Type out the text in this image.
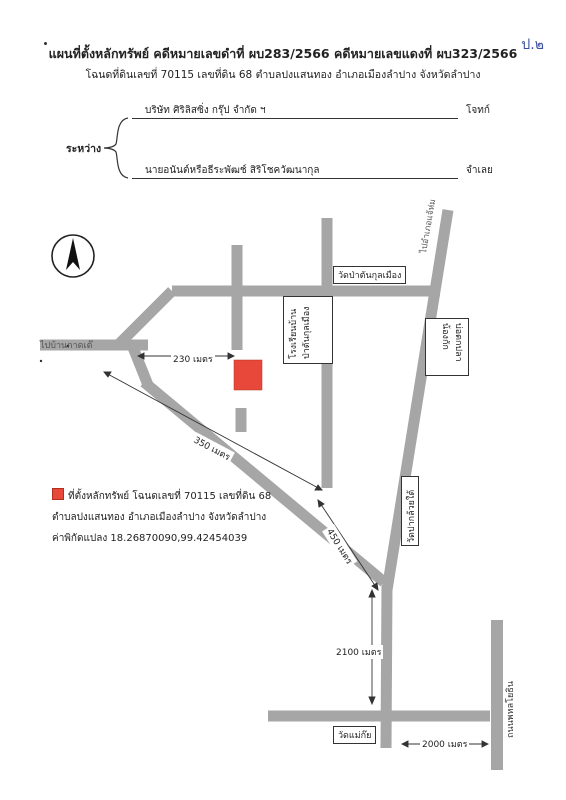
ป.๒
แผนที่ตั้งหลักทรัพย์ คดีหมายเลขดำที่ ผบ283/2566 คดีหมายเลขแดงที่ ผบ323/2566
โฉนดที่ดินเลขที่ 70115 เลขที่ดิน 68 ตำบลปงแสนทอง อำเภอเมืองลำปาง จังหวัดลำปาง
บริษัท ศิริลิสซิ่ง กรุ๊ป จำกัด ฯ	โจทก์
ระหว่าง
นายอนันต์หรือธีระพัฒช์ สิริโชควัฒนากุล	จำเลย
ไปบ้านกาดเต๊
ไปอำเภอแจ้ห่ม
วัดป่าตันกุลเมือง
โรงเรียนบ้าน
ป่าตันกุลเมือง	บ่อตกปลา
น้องกัก
วัดปากล้วยใต้
วัดแม่ก๊ย	ถนนพหลโยธิน
230 เมตร
350 เมตร
450 เมตร
2100 เมตร
2000 เมตร
ที่ตั้งหลักทรัพย์ โฉนดเลขที่ 70115 เลขที่ดิน 68
ตำบลปงแสนทอง อำเภอเมืองลำปาง จังหวัดลำปาง
ค่าพิกัดแปลง 18.26870090,99.42454039
